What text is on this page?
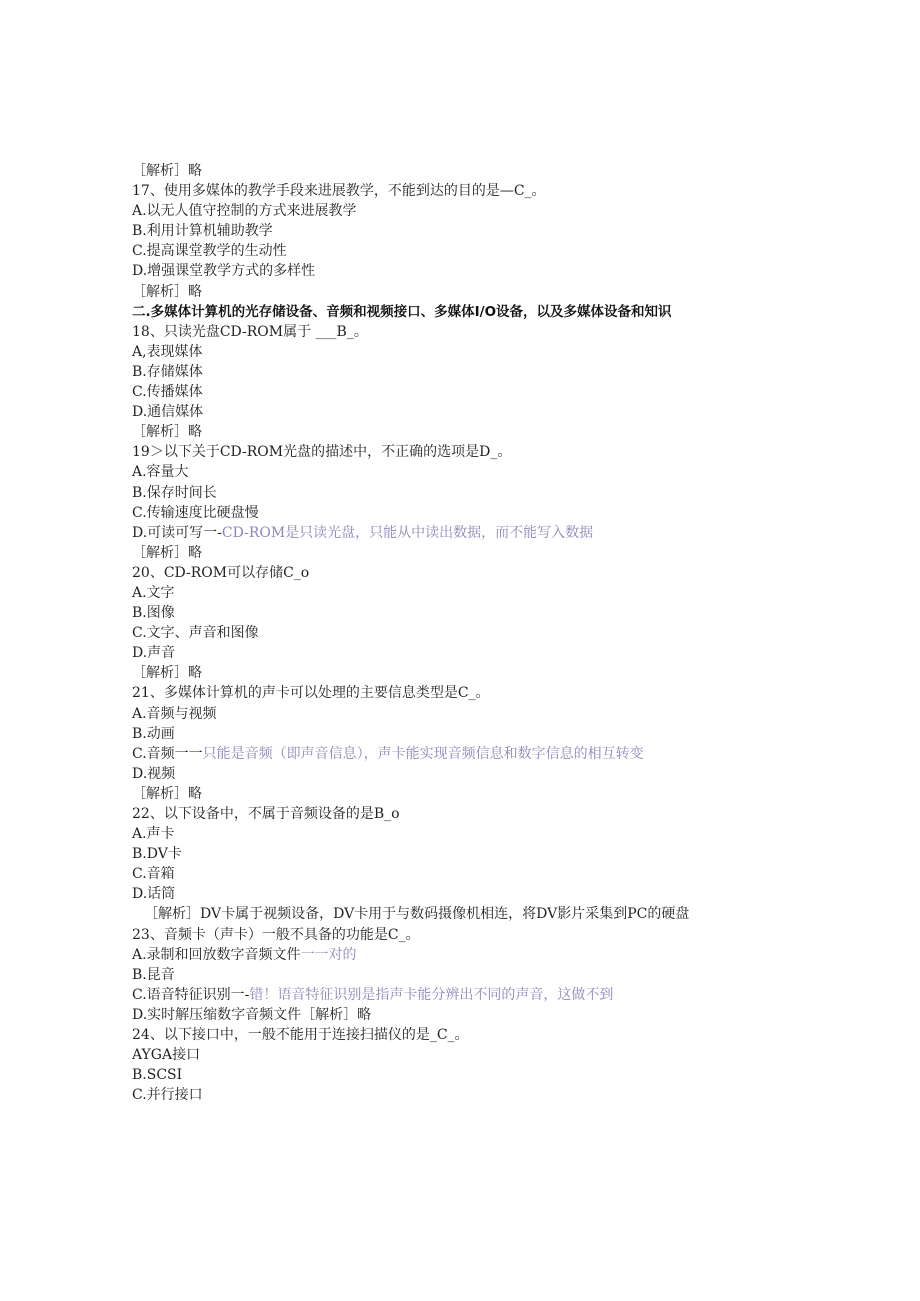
［解析］略
17、使用多媒体的教学手段来进展教学，不能到达的目的是—C_。
A.以无人值守控制的方式来进展教学
B.利用计算机辅助教学
C.提高课堂教学的生动性
D.增强课堂教学方式的多样性
［解析］略
二.多媒体计算机的光存储设备、音频和视频接口、多媒体I/O设备，以及多媒体设备和知识
18、只读光盘CD-ROM属于 ___B_。
A,表现媒体
B.存储媒体
C.传播媒体
D.通信媒体
［解析］略
19＞以下关于CD-ROM光盘的描述中，不正确的选项是D_。
A.容量大
B.保存时间长
C.传输速度比硬盘慢
D.可读可写一-CD-ROM是只读光盘，只能从中读出数据，而不能写入数据
［解析］略
20、CD-ROM可以存储C_o
A.文字
B.图像
C.文字、声音和图像
D.声音
［解析］略
21、多媒体计算机的声卡可以处理的主要信息类型是C_。
A.音频与视频
B.动画
C.音频一一只能是音频（即声音信息），声卡能实现音频信息和数字信息的相互转变
D.视频
［解析］略
22、以下设备中，不属于音频设备的是B_o
A.声卡
B.DV卡
C.音箱
D.话筒
［解析］DV卡属于视频设备，DV卡用于与数码摄像机相连，将DV影片采集到PC的硬盘
23、音频卡（声卡）一般不具备的功能是C_。
A.录制和回放数字音频文件一一对的
B.昆音
C.语音特征识别一-错！语音特征识别是指声卡能分辨出不同的声音，这做不到
D.实时解压缩数字音频文件［解析］略
24、以下接口中，一般不能用于连接扫描仪的是_C_。
AYGA接口
B.SCSI
C.并行接口
